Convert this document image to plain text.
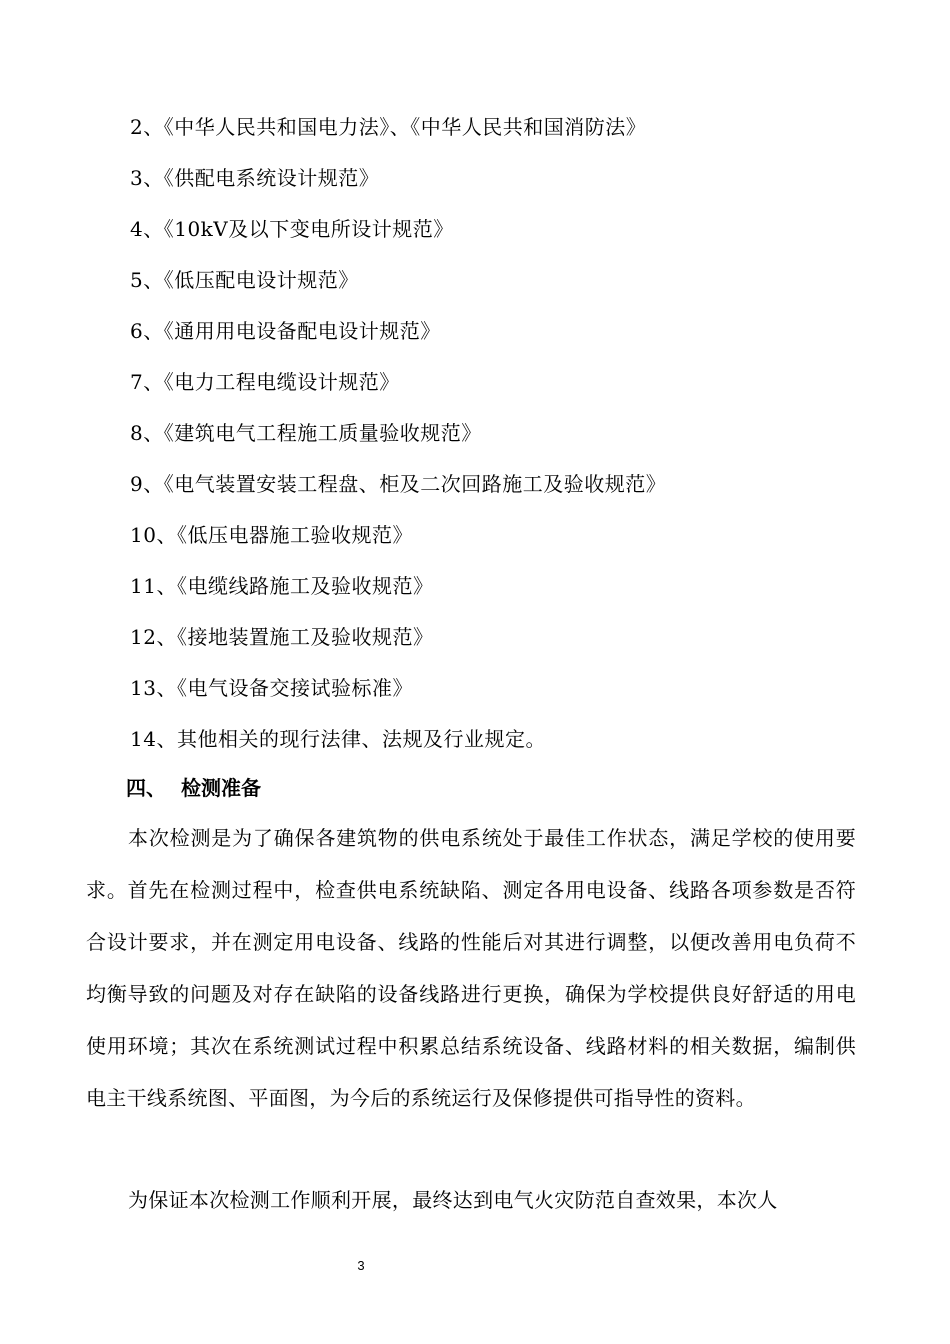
2、《中华人民共和国电力法》、《中华人民共和国消防法》
3、《供配电系统设计规范》
4、《10kV及以下变电所设计规范》
5、《低压配电设计规范》
6、《通用用电设备配电设计规范》
7、《电力工程电缆设计规范》
8、《建筑电气工程施工质量验收规范》
9、《电气装置安装工程盘、柜及二次回路施工及验收规范》
10、《低压电器施工验收规范》
11、《电缆线路施工及验收规范》
12、《接地装置施工及验收规范》
13、《电气设备交接试验标准》
14、其他相关的现行法律、法规及行业规定。
四、 检测准备

本次检测是为了确保各建筑物的供电系统处于最佳工作状态，满足学校的使用要求。首先在检测过程中，检查供电系统缺陷、测定各用电设备、线路各项参数是否符合设计要求，并在测定用电设备、线路的性能后对其进行调整，以便改善用电负荷不均衡导致的问题及对存在缺陷的设备线路进行更换，确保为学校提供良好舒适的用电使用环境；其次在系统测试过程中积累总结系统设备、线路材料的相关数据，编制供电主干线系统图、平面图，为今后的系统运行及保修提供可指导性的资料。

为保证本次检测工作顺利开展，最终达到电气火灾防范自查效果，本次人

3
